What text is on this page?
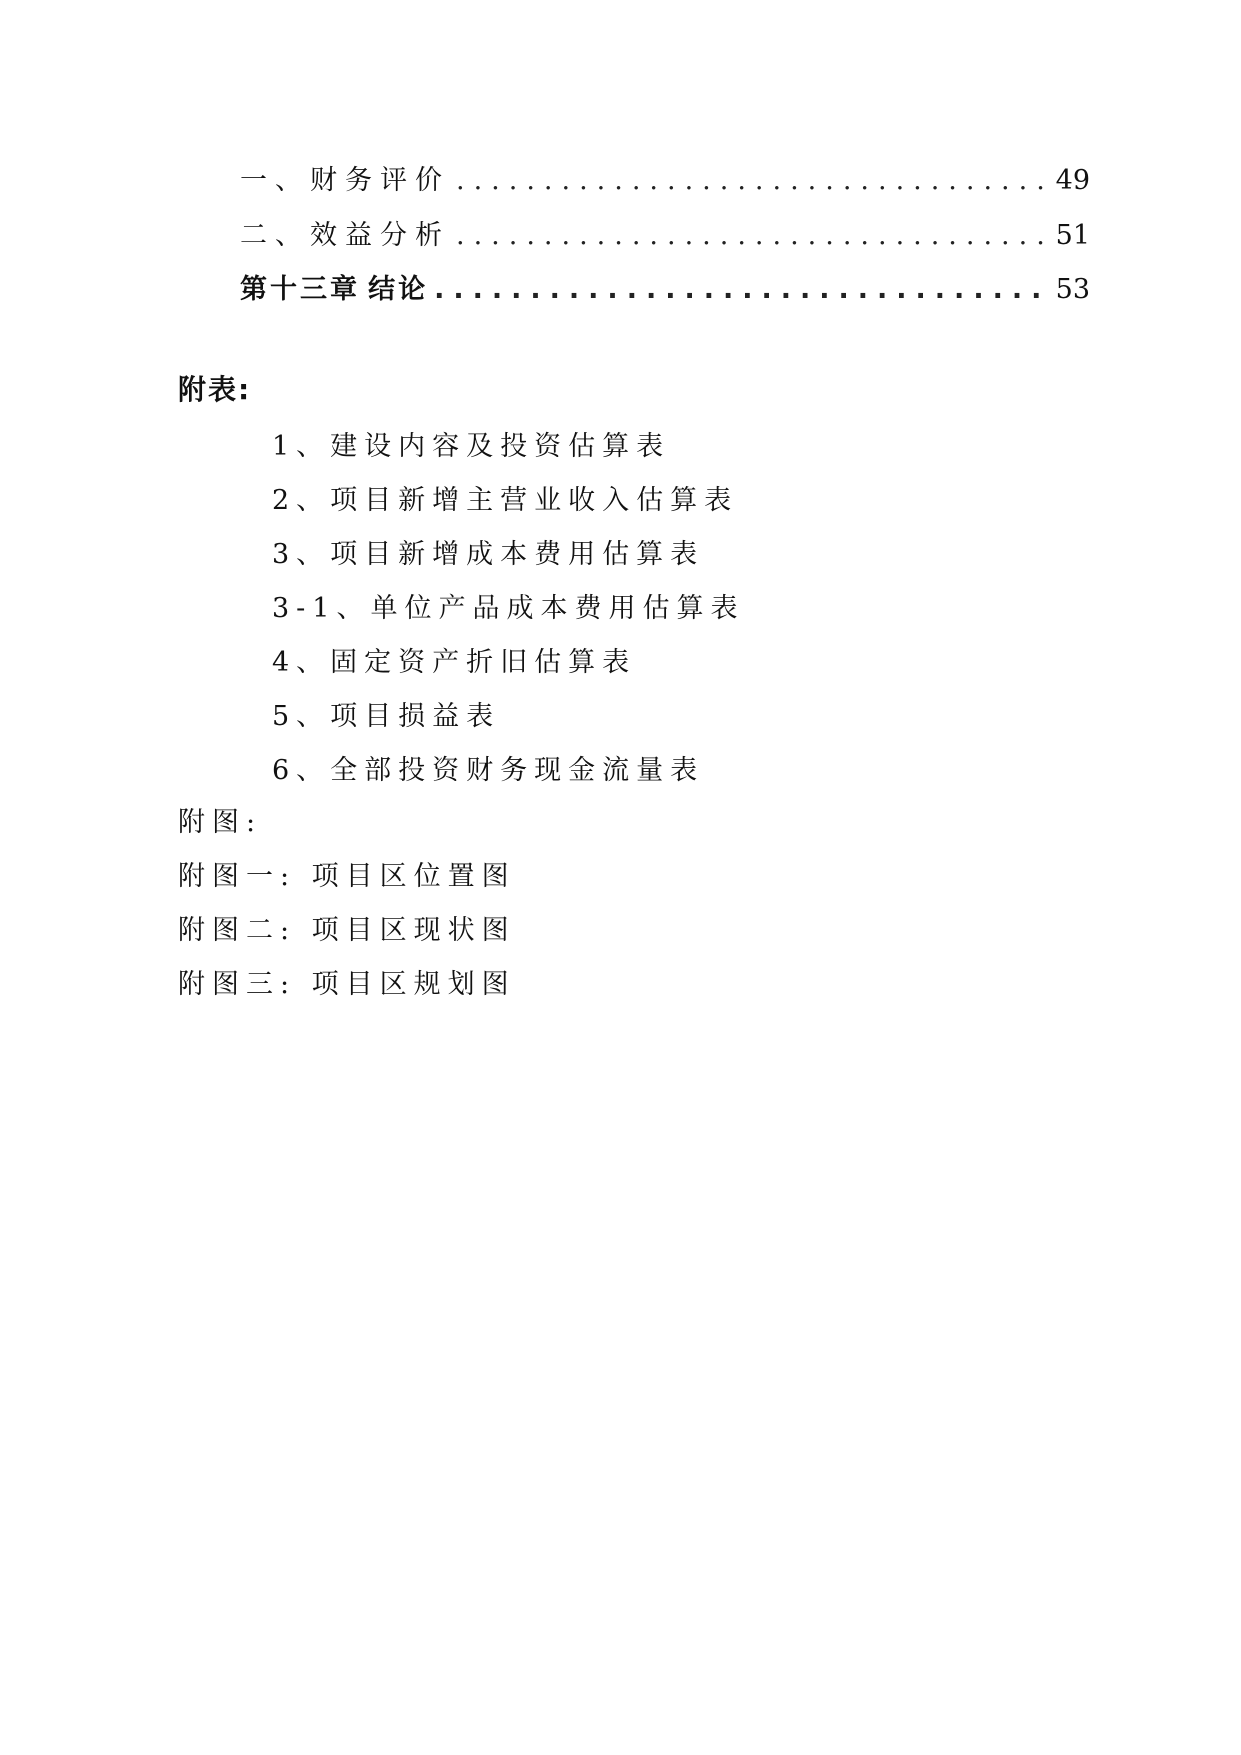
一、财务评价 .....	49
二、效益分析 .....	51
第十三章 结论 .....	53
附表:
1、建设内容及投资估算表
2、项目新增主营业收入估算表
3、项目新增成本费用估算表
3-1、单位产品成本费用估算表
4、固定资产折旧估算表
5、项目损益表
6、全部投资财务现金流量表
附图:
附图一: 项目区位置图
附图二: 项目区现状图
附图三: 项目区规划图
